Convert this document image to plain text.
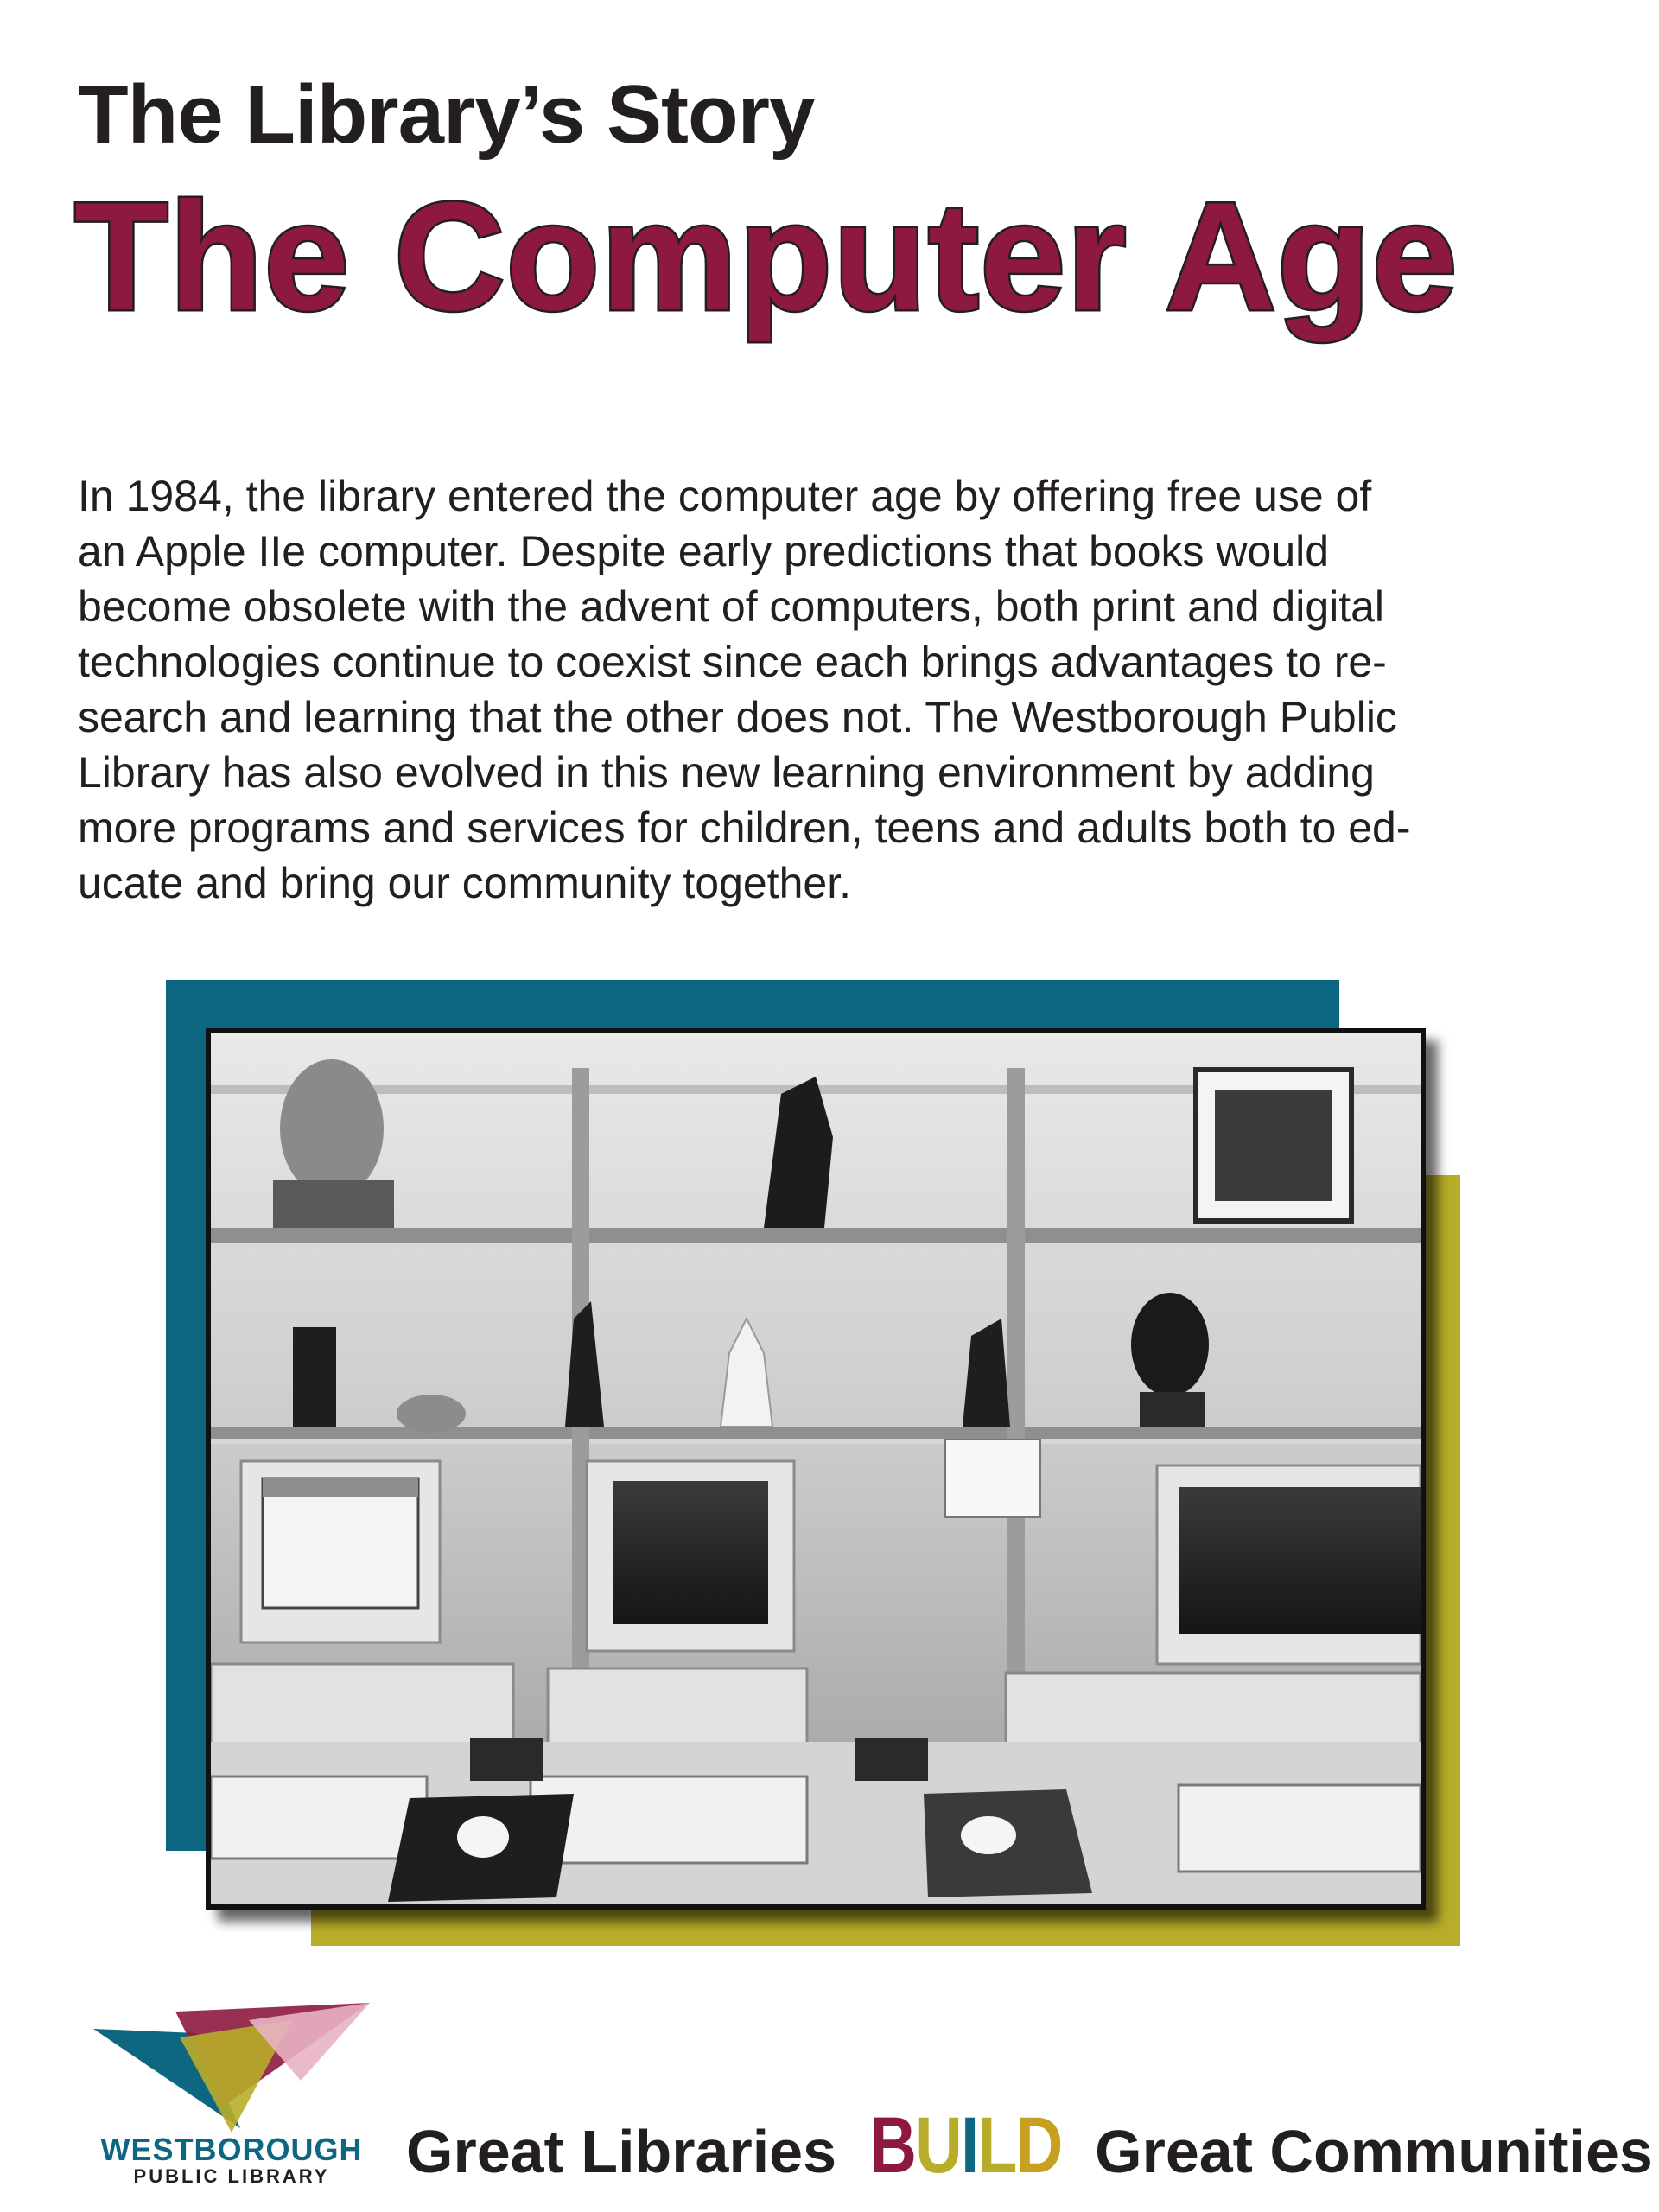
The Library’s Story
The Computer Age
In 1984, the library entered the computer age by offering free use of
an Apple IIe computer. Despite early predictions that books would
become obsolete with the advent of computers, both print and digital
technologies continue to coexist since each brings advantages to re-
search and learning that the other does not. The Westborough Public
Library has also evolved in this new learning environment by adding
more programs and services for children, teens and adults both to ed-
ucate and bring our community together.

WESTBOROUGH

PUBLIC LIBRARY	Great Libraries BUILD Great Communities
